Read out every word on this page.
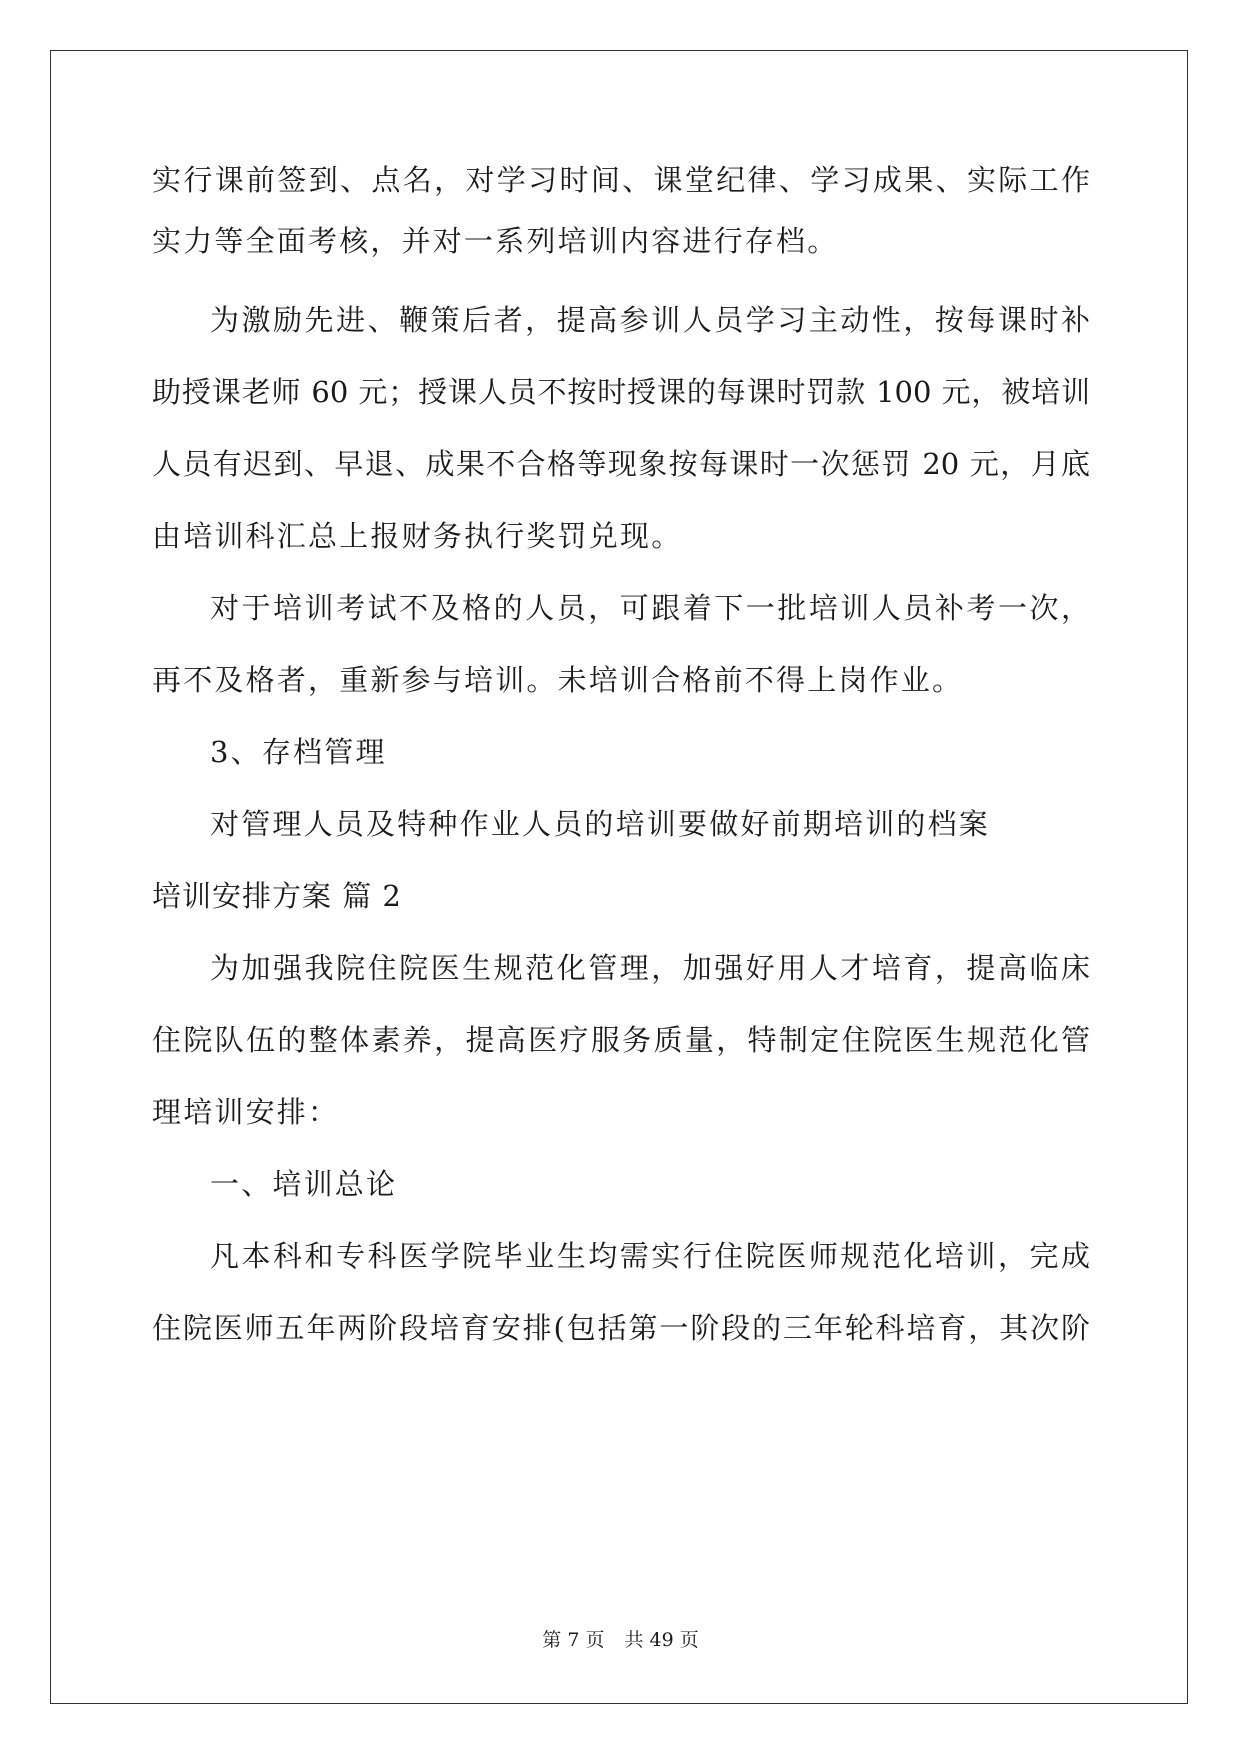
实行课前签到、点名，对学习时间、课堂纪律、学习成果、实际工作
实力等全面考核，并对一系列培训内容进行存档。
为激励先进、鞭策后者，提高参训人员学习主动性，按每课时补
助授课老师 60 元；授课人员不按时授课的每课时罚款 100 元，被培训
人员有迟到、早退、成果不合格等现象按每课时一次惩罚 20 元，月底
由培训科汇总上报财务执行奖罚兑现。
对于培训考试不及格的人员，可跟着下一批培训人员补考一次，
再不及格者，重新参与培训。未培训合格前不得上岗作业。
3、存档管理
对管理人员及特种作业人员的培训要做好前期培训的档案
培训安排方案 篇 2
为加强我院住院医生规范化管理，加强好用人才培育，提高临床
住院队伍的整体素养，提高医疗服务质量，特制定住院医生规范化管
理培训安排：
一、培训总论
凡本科和专科医学院毕业生均需实行住院医师规范化培训，完成
住院医师五年两阶段培育安排(包括第一阶段的三年轮科培育，其次阶
第 7 页 共 49 页
